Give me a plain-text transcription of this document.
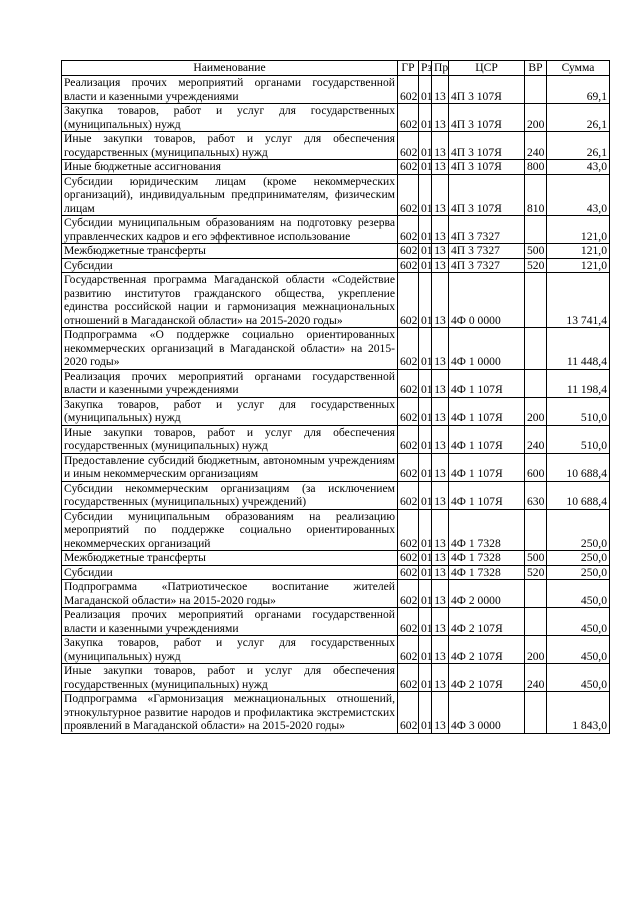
Наименование	ГР	Рз	Пр	ЦСР	ВР	Сумма
Реализация прочих мероприятий органами государственной власти и казенными учреждениями	602	01	13	4П 3 107Я		69,1
Закупка товаров, работ и услуг для государственных (муниципальных) нужд	602	01	13	4П 3 107Я	200	26,1
Иные закупки товаров, работ и услуг для обеспечения государственных (муниципальных) нужд	602	01	13	4П 3 107Я	240	26,1
Иные бюджетные ассигнования	602	01	13	4П 3 107Я	800	43,0
Субсидии юридическим лицам (кроме некоммерческих организаций), индивидуальным предпринимателям, физическим лицам	602	01	13	4П 3 107Я	810	43,0
Субсидии муниципальным образованиям на подготовку резерва управленческих кадров и его эффективное использование	602	01	13	4П 3 7327		121,0
Межбюджетные трансферты	602	01	13	4П 3 7327	500	121,0
Субсидии	602	01	13	4П 3 7327	520	121,0
Государственная программа Магаданской области «Содействие развитию институтов гражданского общества, укрепление единства российской нации и гармонизация межнациональных отношений в Магаданской области» на 2015-2020 годы»	602	01	13	4Ф 0 0000		13 741,4
Подпрограмма «О поддержке социально ориентированных некоммерческих организаций в Магаданской области» на 2015-2020 годы»	602	01	13	4Ф 1 0000		11 448,4
Реализация прочих мероприятий органами государственной власти и казенными учреждениями	602	01	13	4Ф 1 107Я		11 198,4
Закупка товаров, работ и услуг для государственных (муниципальных) нужд	602	01	13	4Ф 1 107Я	200	510,0
Иные закупки товаров, работ и услуг для обеспечения государственных (муниципальных) нужд	602	01	13	4Ф 1 107Я	240	510,0
Предоставление субсидий бюджетным, автономным учреждениям и иным некоммерческим организациям	602	01	13	4Ф 1 107Я	600	10 688,4
Субсидии некоммерческим организациям (за исключением государственных (муниципальных) учреждений)	602	01	13	4Ф 1 107Я	630	10 688,4
Субсидии муниципальным образованиям на реализацию мероприятий по поддержке социально ориентированных некоммерческих организаций	602	01	13	4Ф 1 7328		250,0
Межбюджетные трансферты	602	01	13	4Ф 1 7328	500	250,0
Субсидии	602	01	13	4Ф 1 7328	520	250,0
Подпрограмма «Патриотическое воспитание жителей Магаданской области» на 2015-2020 годы»	602	01	13	4Ф 2 0000		450,0
Реализация прочих мероприятий органами государственной власти и казенными учреждениями	602	01	13	4Ф 2 107Я		450,0
Закупка товаров, работ и услуг для государственных (муниципальных) нужд	602	01	13	4Ф 2 107Я	200	450,0
Иные закупки товаров, работ и услуг для обеспечения государственных (муниципальных) нужд	602	01	13	4Ф 2 107Я	240	450,0
Подпрограмма «Гармонизация межнациональных отношений, этнокультурное развитие народов и профилактика экстремистских проявлений в Магаданской области» на 2015-2020 годы»	602	01	13	4Ф 3 0000		1 843,0
